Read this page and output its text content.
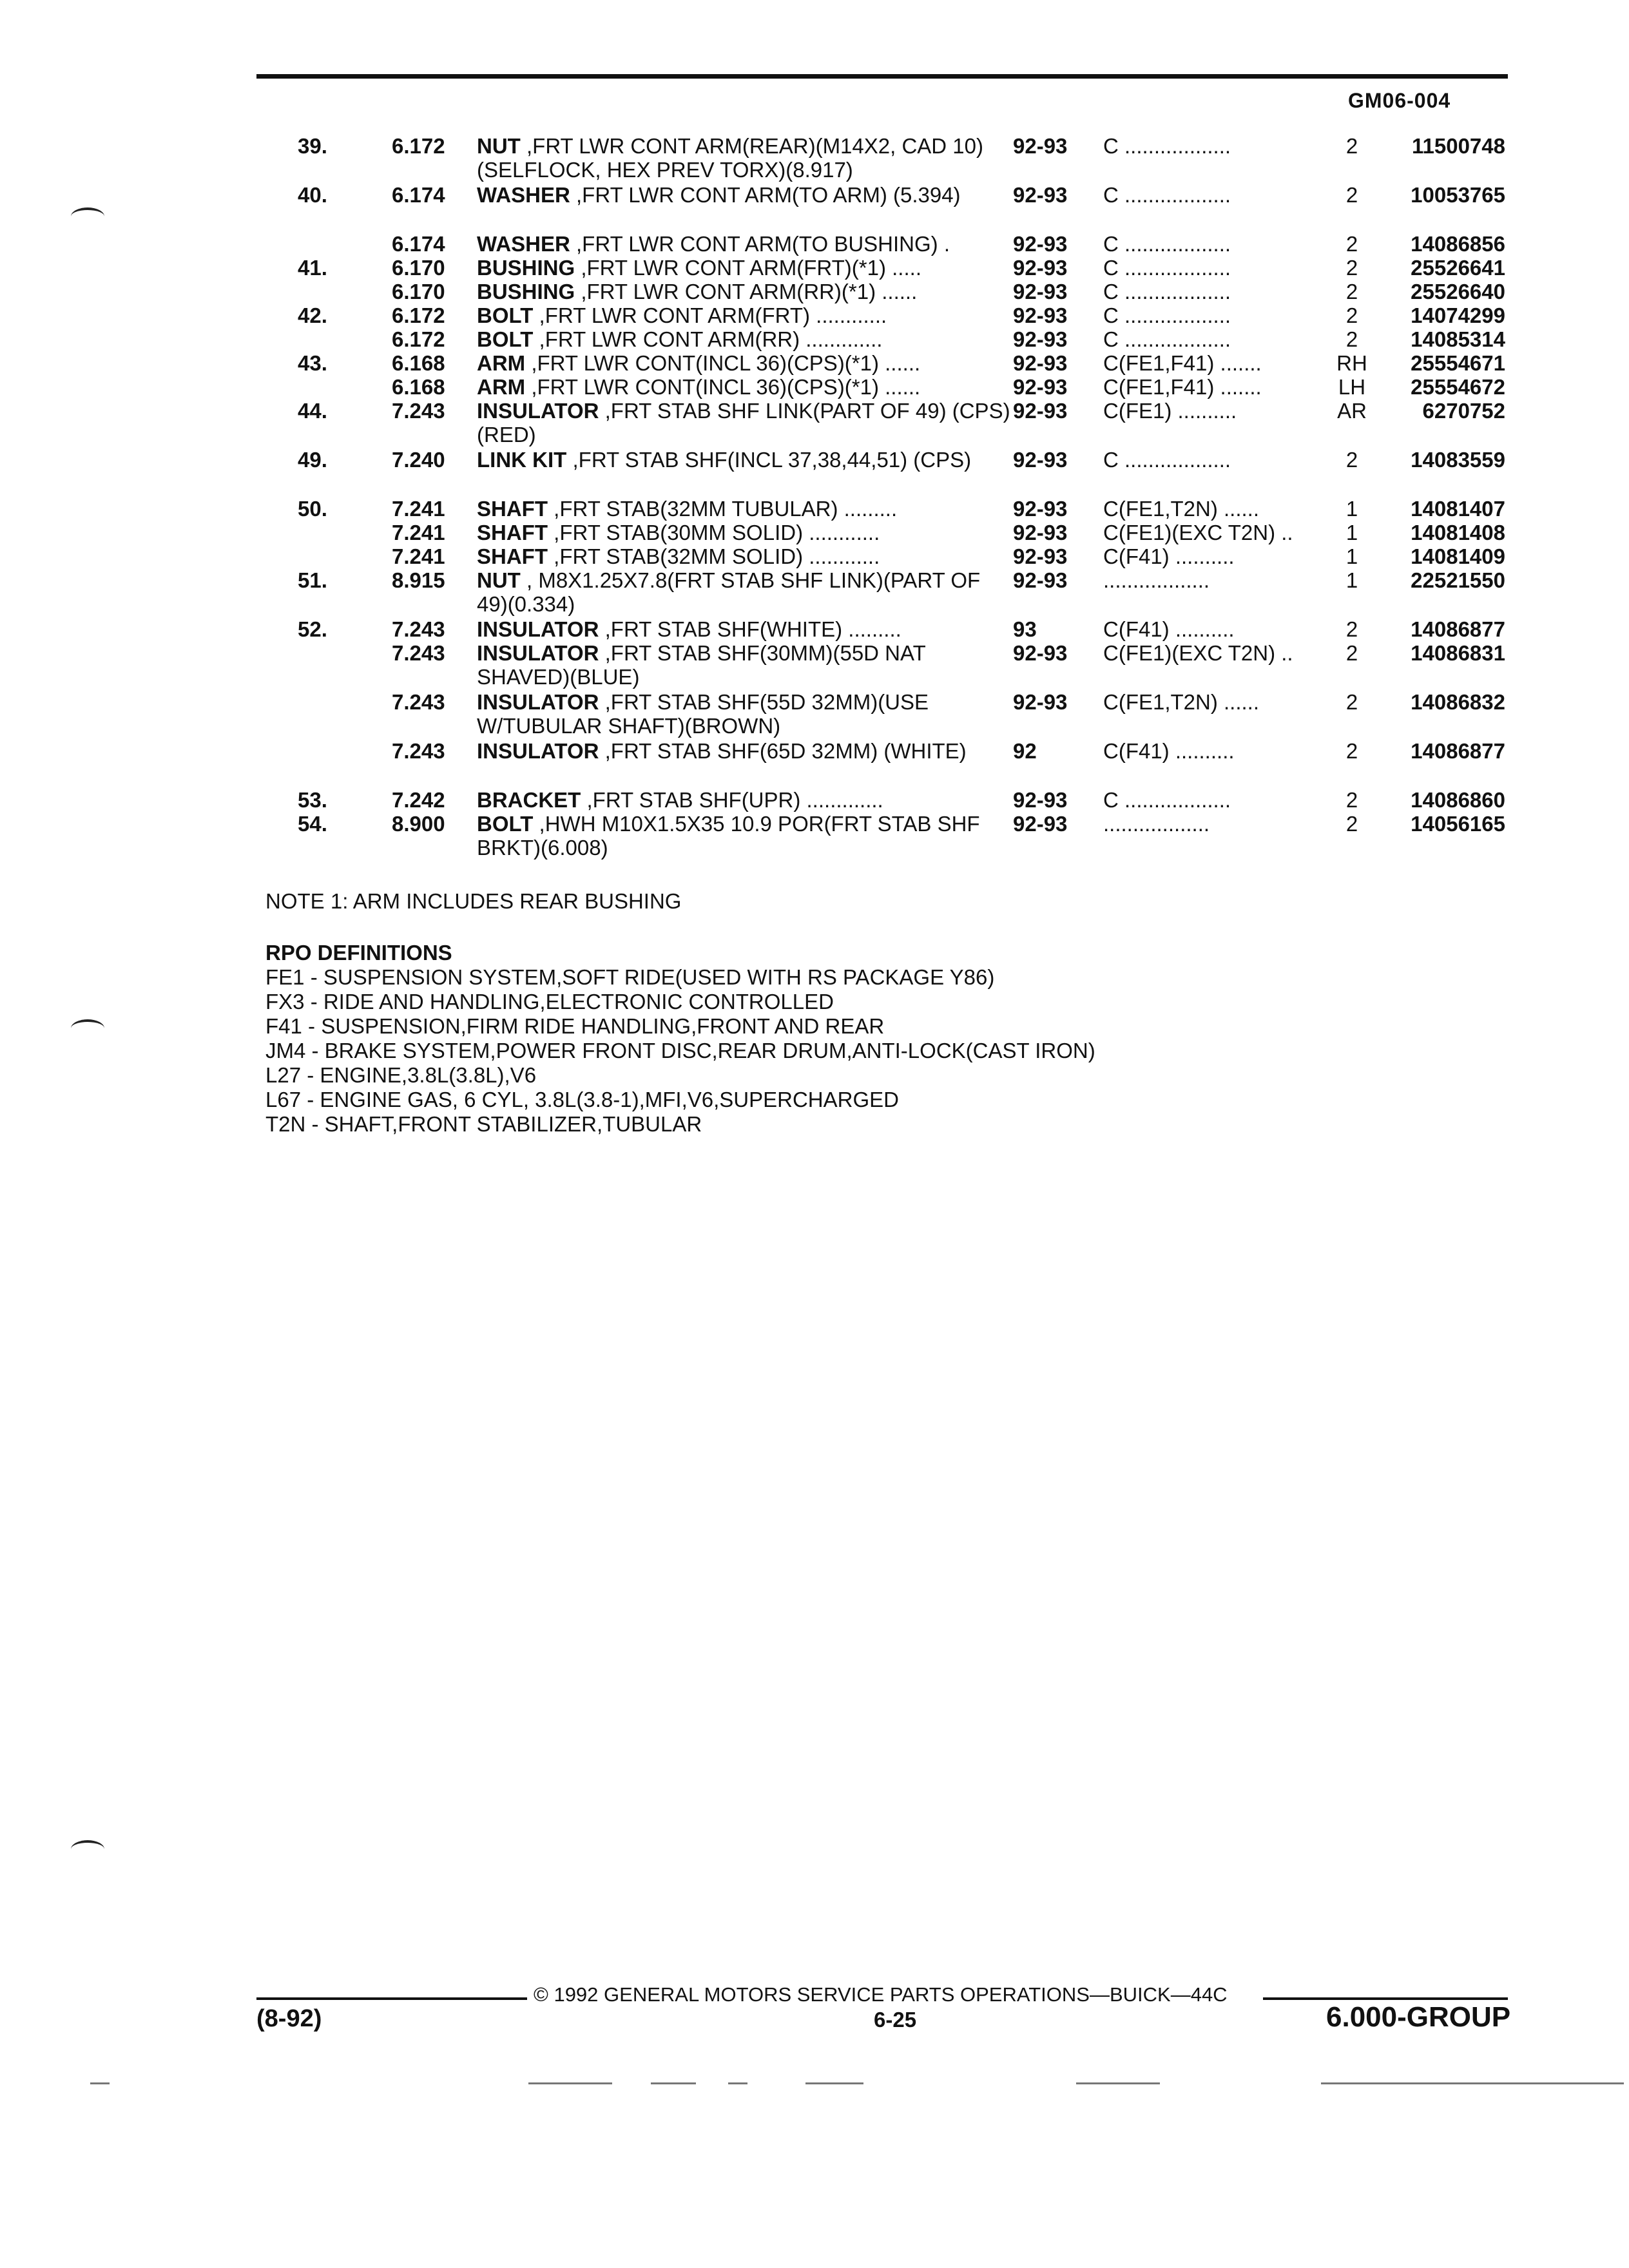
GM06-004
39.	6.172 NUT ,FRT LWR CONT ARM(REAR)(M14X2, CAD 10)(SELFLOCK, HEX PREV TORX)(8.917)
92-93 C ..................	2	11500748
40.	6.174 WASHER ,FRT LWR CONT ARM(TO ARM) (5.394)	92-93 C ..................	2	10053765
6.174 WASHER ,FRT LWR CONT ARM(TO BUSHING) .	92-93 C ..................	2	14086856
41.	6.170 BUSHING ,FRT LWR CONT ARM(FRT)(*1) .....	92-93 C ..................	2	25526641
6.170 BUSHING ,FRT LWR CONT ARM(RR)(*1) ......	92-93 C ..................	2	25526640
42.	6.172 BOLT ,FRT LWR CONT ARM(FRT) ............	92-93 C ..................	2	14074299
6.172 BOLT ,FRT LWR CONT ARM(RR) .............	92-93 C ..................	2	14085314
43.	6.168 ARM ,FRT LWR CONT(INCL 36)(CPS)(*1) ......	92-93 C(FE1,F41) .......	RH	25554671
6.168 ARM ,FRT LWR CONT(INCL 36)(CPS)(*1) ......	92-93 C(FE1,F41) .......	LH	25554672
44.	7.243 INSULATOR ,FRT STAB SHF LINK(PART OF 49) (CPS)(RED)
92-93 C(FE1) ..........	AR	6270752
49.	7.240 LINK KIT ,FRT STAB SHF(INCL 37,38,44,51) (CPS)	92-93 C ..................	2	14083559
50.	7.241 SHAFT ,FRT STAB(32MM TUBULAR) .........	92-93 C(FE1,T2N) ......	1	14081407
7.241 SHAFT ,FRT STAB(30MM SOLID) ............	92-93 C(FE1)(EXC T2N) ..	1	14081408
7.241 SHAFT ,FRT STAB(32MM SOLID) ............	92-93 C(F41) ..........	1	14081409
51.	8.915 NUT , M8X1.25X7.8(FRT STAB SHF LINK)(PART OF 49)(0.334)
92-93 ..................	1	22521550
52.	7.243 INSULATOR ,FRT STAB SHF(WHITE) .........	93	C(F41) ..........	2	14086877
7.243 INSULATOR ,FRT STAB SHF(30MM)(55D NAT SHAVED)(BLUE)
92-93 C(FE1)(EXC T2N) ..	2	14086831
7.243 INSULATOR ,FRT STAB SHF(55D 32MM)(USE W/TUBULAR SHAFT)(BROWN)
92-93 C(FE1,T2N) ......	2	14086832
7.243 INSULATOR ,FRT STAB SHF(65D 32MM) (WHITE)	92	C(F41) ..........	2	14086877
53.	7.242 BRACKET ,FRT STAB SHF(UPR) .............	92-93 C ..................	2	14086860
54.	8.900 BOLT ,HWH M10X1.5X35 10.9 POR(FRT STAB SHF BRKT)(6.008)
92-93 ..................	2	14056165
NOTE 1: ARM INCLUDES REAR BUSHING
RPO DEFINITIONS
FE1 - SUSPENSION SYSTEM,SOFT RIDE(USED WITH RS PACKAGE Y86)
FX3 - RIDE AND HANDLING,ELECTRONIC CONTROLLED
F41 - SUSPENSION,FIRM RIDE HANDLING,FRONT AND REAR
JM4 - BRAKE SYSTEM,POWER FRONT DISC,REAR DRUM,ANTI-LOCK(CAST IRON)
L27 - ENGINE,3.8L(3.8L),V6
L67 - ENGINE GAS, 6 CYL, 3.8L(3.8-1),MFI,V6,SUPERCHARGED
T2N - SHAFT,FRONT STABILIZER,TUBULAR
© 1992 GENERAL MOTORS SERVICE PARTS OPERATIONS—BUICK—44C
(8-92)	6-25	6.000-GROUP
